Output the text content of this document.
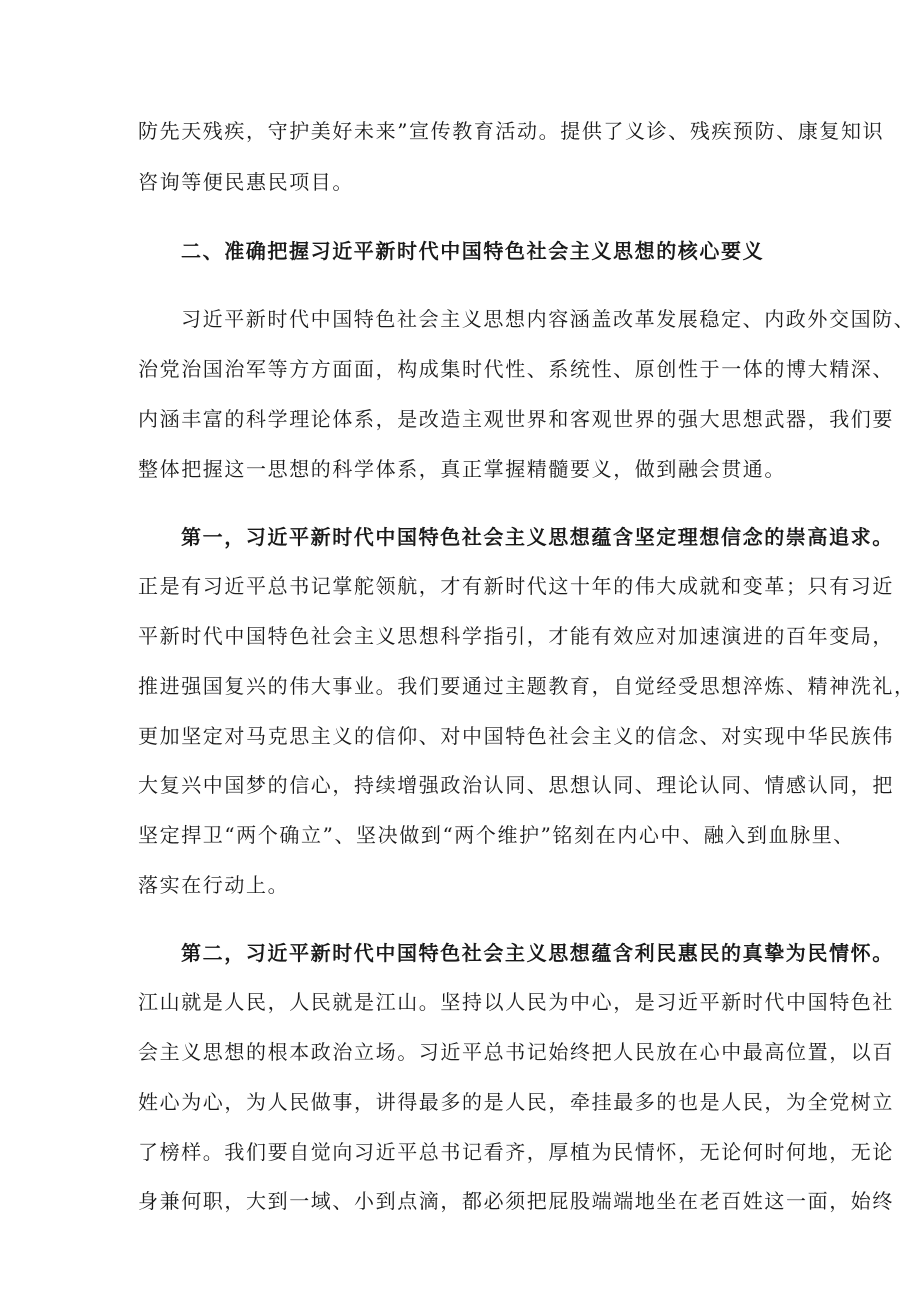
防先天残疾，守护美好未来”宣传教育活动。提供了义诊、残疾预防、康复知识
咨询等便民惠民项目。
二、准确把握习近平新时代中国特色社会主义思想的核心要义
习近平新时代中国特色社会主义思想内容涵盖改革发展稳定、内政外交国防、
治党治国治军等方方面面，构成集时代性、系统性、原创性于一体的博大精深、
内涵丰富的科学理论体系，是改造主观世界和客观世界的强大思想武器，我们要
整体把握这一思想的科学体系，真正掌握精髓要义，做到融会贯通。
第一，习近平新时代中国特色社会主义思想蕴含坚定理想信念的崇高追求。
正是有习近平总书记掌舵领航，才有新时代这十年的伟大成就和变革；只有习近
平新时代中国特色社会主义思想科学指引，才能有效应对加速演进的百年变局，
推进强国复兴的伟大事业。我们要通过主题教育，自觉经受思想淬炼、精神洗礼，
更加坚定对马克思主义的信仰、对中国特色社会主义的信念、对实现中华民族伟
大复兴中国梦的信心，持续增强政治认同、思想认同、理论认同、情感认同，把
坚定捍卫“两个确立”、坚决做到“两个维护”铭刻在内心中、融入到血脉里、
落实在行动上。
第二，习近平新时代中国特色社会主义思想蕴含利民惠民的真挚为民情怀。
江山就是人民，人民就是江山。坚持以人民为中心，是习近平新时代中国特色社
会主义思想的根本政治立场。习近平总书记始终把人民放在心中最高位置，以百
姓心为心，为人民做事，讲得最多的是人民，牵挂最多的也是人民，为全党树立
了榜样。我们要自觉向习近平总书记看齐，厚植为民情怀，无论何时何地，无论
身兼何职，大到一域、小到点滴，都必须把屁股端端地坐在老百姓这一面，始终
